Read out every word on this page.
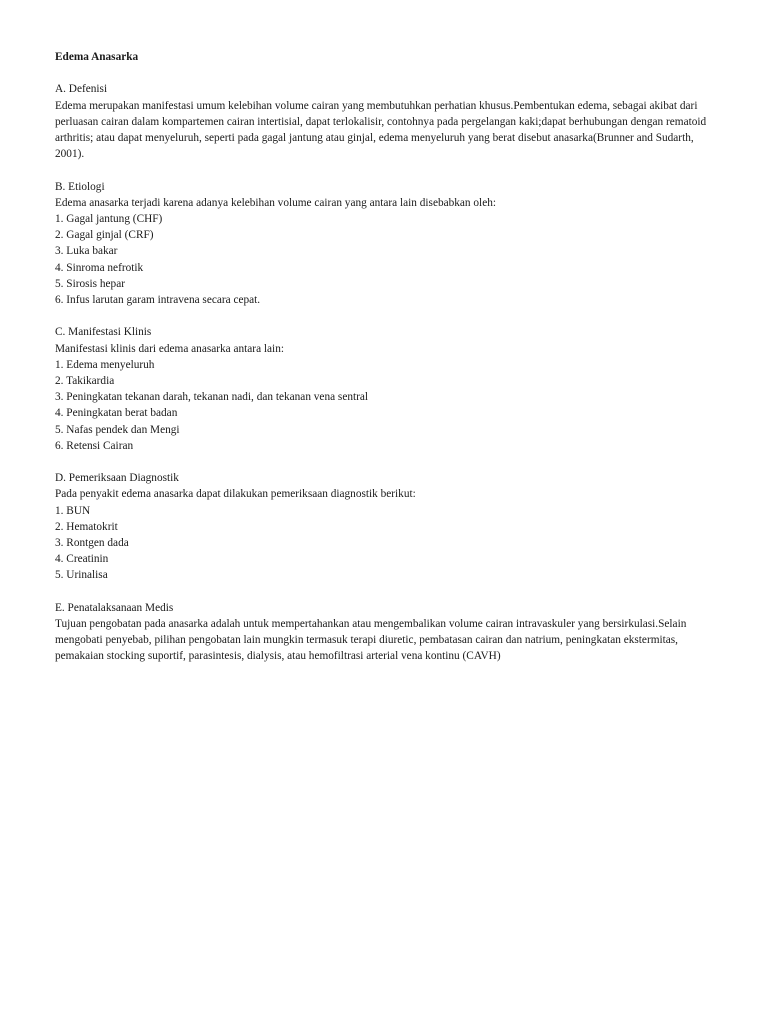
Edema Anasarka
A. Defenisi
Edema merupakan manifestasi umum kelebihan volume cairan yang membutuhkan perhatian khusus.Pembentukan edema, sebagai akibat dari perluasan cairan dalam kompartemen cairan intertisial, dapat terlokalisir, contohnya pada pergelangan kaki;dapat berhubungan dengan rematoid arthritis; atau dapat menyeluruh, seperti pada gagal jantung atau ginjal, edema menyeluruh yang berat disebut anasarka(Brunner and Sudarth, 2001).
B. Etiologi
Edema anasarka terjadi karena adanya kelebihan volume cairan yang antara lain disebabkan oleh:
1. Gagal jantung (CHF)
2. Gagal ginjal (CRF)
3. Luka bakar
4. Sinroma nefrotik
5. Sirosis hepar
6. Infus larutan garam intravena secara cepat.
C. Manifestasi Klinis
Manifestasi klinis dari edema anasarka antara lain:
1. Edema menyeluruh
2. Takikardia
3. Peningkatan tekanan darah, tekanan nadi, dan tekanan vena sentral
4. Peningkatan berat badan
5. Nafas pendek dan Mengi
6. Retensi Cairan
D. Pemeriksaan Diagnostik
Pada penyakit edema anasarka dapat dilakukan pemeriksaan diagnostik berikut:
1. BUN
2. Hematokrit
3. Rontgen dada
4. Creatinin
5. Urinalisa
E. Penatalaksanaan Medis
Tujuan pengobatan pada anasarka adalah untuk mempertahankan atau mengembalikan volume cairan intravaskuler yang bersirkulasi.Selain mengobati penyebab, pilihan pengobatan lain mungkin termasuk terapi diuretic, pembatasan cairan dan natrium, peningkatan ekstermitas, pemakaian stocking suportif, parasintesis, dialysis, atau hemofiltrasi arterial vena kontinu (CAVH)
